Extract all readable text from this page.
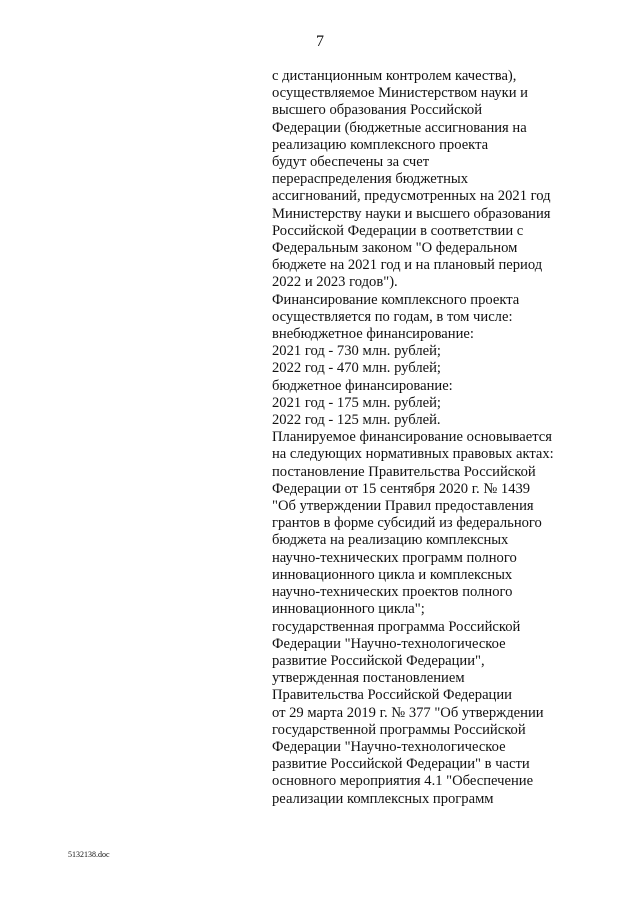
7
с дистанционным контролем качества),
осуществляемое Министерством науки и
высшего образования Российской
Федерации (бюджетные ассигнования на
реализацию комплексного проекта
будут обеспечены за счет
перераспределения бюджетных
ассигнований, предусмотренных на 2021 год
Министерству науки и высшего образования
Российской Федерации в соответствии с
Федеральным законом "О федеральном
бюджете на 2021 год и на плановый период
2022 и 2023 годов").
Финансирование комплексного проекта
осуществляется по годам, в том числе:
внебюджетное финансирование:
2021 год - 730 млн. рублей;
2022 год - 470 млн. рублей;
бюджетное финансирование:
2021 год - 175 млн. рублей;
2022 год - 125 млн. рублей.
Планируемое финансирование основывается
на следующих нормативных правовых актах:
постановление Правительства Российской
Федерации от 15 сентября 2020 г. № 1439
"Об утверждении Правил предоставления
грантов в форме субсидий из федерального
бюджета на реализацию комплексных
научно-технических программ полного
инновационного цикла и комплексных
научно-технических проектов полного
инновационного цикла";
государственная программа Российской
Федерации "Научно-технологическое
развитие Российской Федерации",
утвержденная постановлением
Правительства Российской Федерации
от 29 марта 2019 г. № 377 "Об утверждении
государственной программы Российской
Федерации "Научно-технологическое
развитие Российской Федерации" в части
основного мероприятия 4.1 "Обеспечение
реализации комплексных программ
5132138.doc
